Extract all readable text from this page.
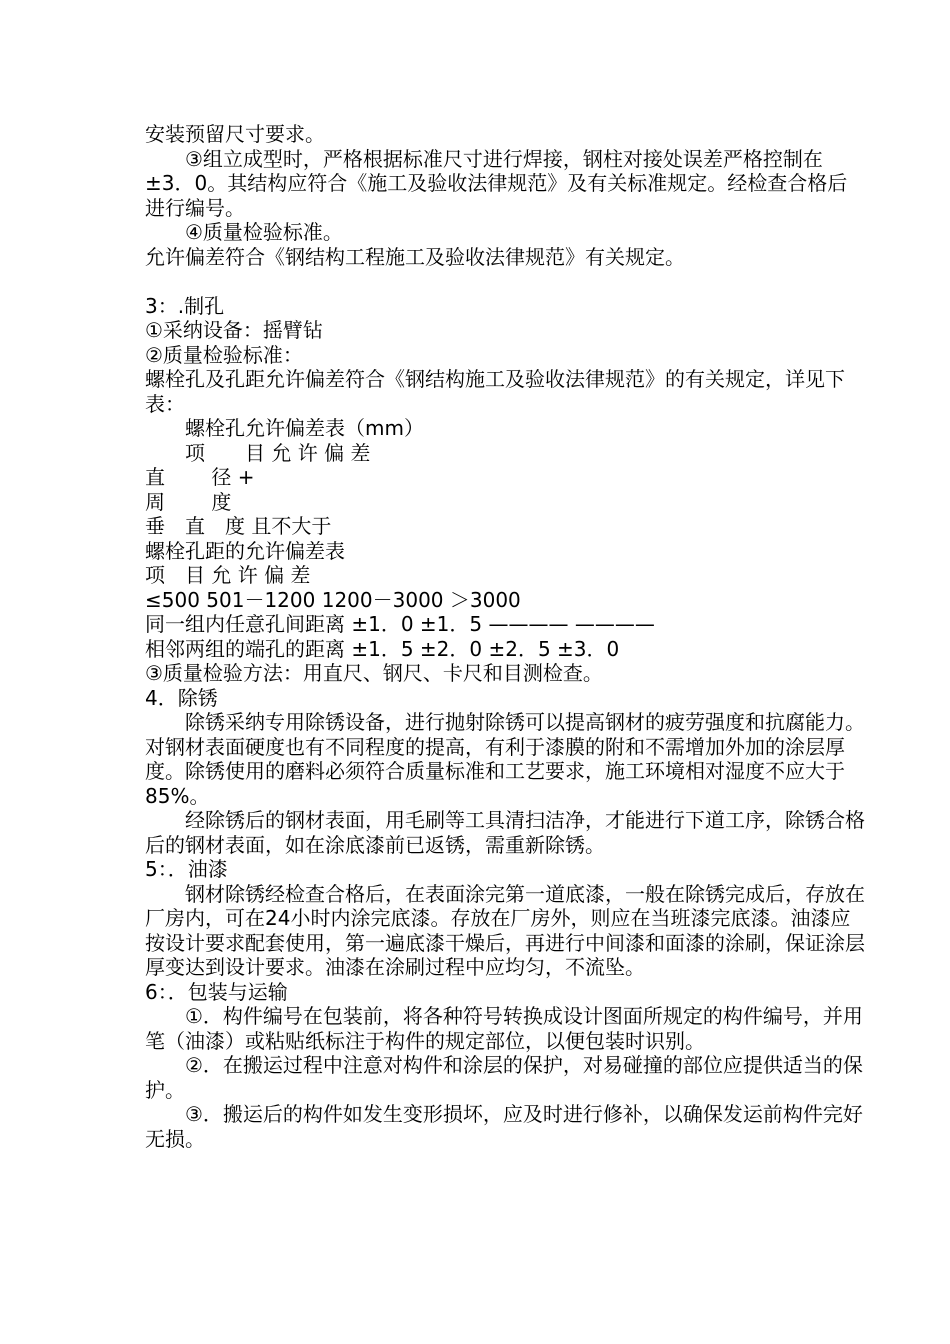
安装预留尺寸要求。
③组立成型时，严格根据标准尺寸进行焊接，钢柱对接处误差严格控制在±3．0。其结构应符合《施工及验收法律规范》及有关标准规定。经检查合格后进行编号。
④质量检验标准。
允许偏差符合《钢结构工程施工及验收法律规范》有关规定。
3：.制孔
①采纳设备：摇臂钻
②质量检验标准：
螺栓孔及孔距允许偏差符合《钢结构施工及验收法律规范》的有关规定，详见下表：
螺栓孔允许偏差表（mm）
项　　目 允 许 偏 差
直　　 径 +
周　　 度
垂　直　度 且不大于
螺栓孔距的允许偏差表
项　目 允 许 偏 差
≤500 501－1200 1200－3000 ＞3000
同一组内任意孔间距离 ±1．0 ±1．5 ———— ————
相邻两组的端孔的距离 ±1．5 ±2．0 ±2．5 ±3．0
③质量检验方法：用直尺、钢尺、卡尺和目测检查。
4．除锈
除锈采纳专用除锈设备，进行抛射除锈可以提高钢材的疲劳强度和抗腐能力。对钢材表面硬度也有不同程度的提高，有利于漆膜的附和不需增加外加的涂层厚度。除锈使用的磨料必须符合质量标准和工艺要求，施工环境相对湿度不应大于85%。
经除锈后的钢材表面，用毛刷等工具清扫洁净，才能进行下道工序，除锈合格后的钢材表面，如在涂底漆前已返锈，需重新除锈。
5：．油漆
钢材除锈经检查合格后，在表面涂完第一道底漆，一般在除锈完成后，存放在厂房内，可在24小时内涂完底漆。存放在厂房外，则应在当班漆完底漆。油漆应按设计要求配套使用，第一遍底漆干燥后，再进行中间漆和面漆的涂刷，保证涂层厚变达到设计要求。油漆在涂刷过程中应均匀，不流坠。
6：．包装与运输
①．构件编号在包装前，将各种符号转换成设计图面所规定的构件编号，并用笔（油漆）或粘贴纸标注于构件的规定部位，以便包装时识别。
②．在搬运过程中注意对构件和涂层的保护，对易碰撞的部位应提供适当的保护。
③．搬运后的构件如发生变形损坏，应及时进行修补，以确保发运前构件完好无损。
